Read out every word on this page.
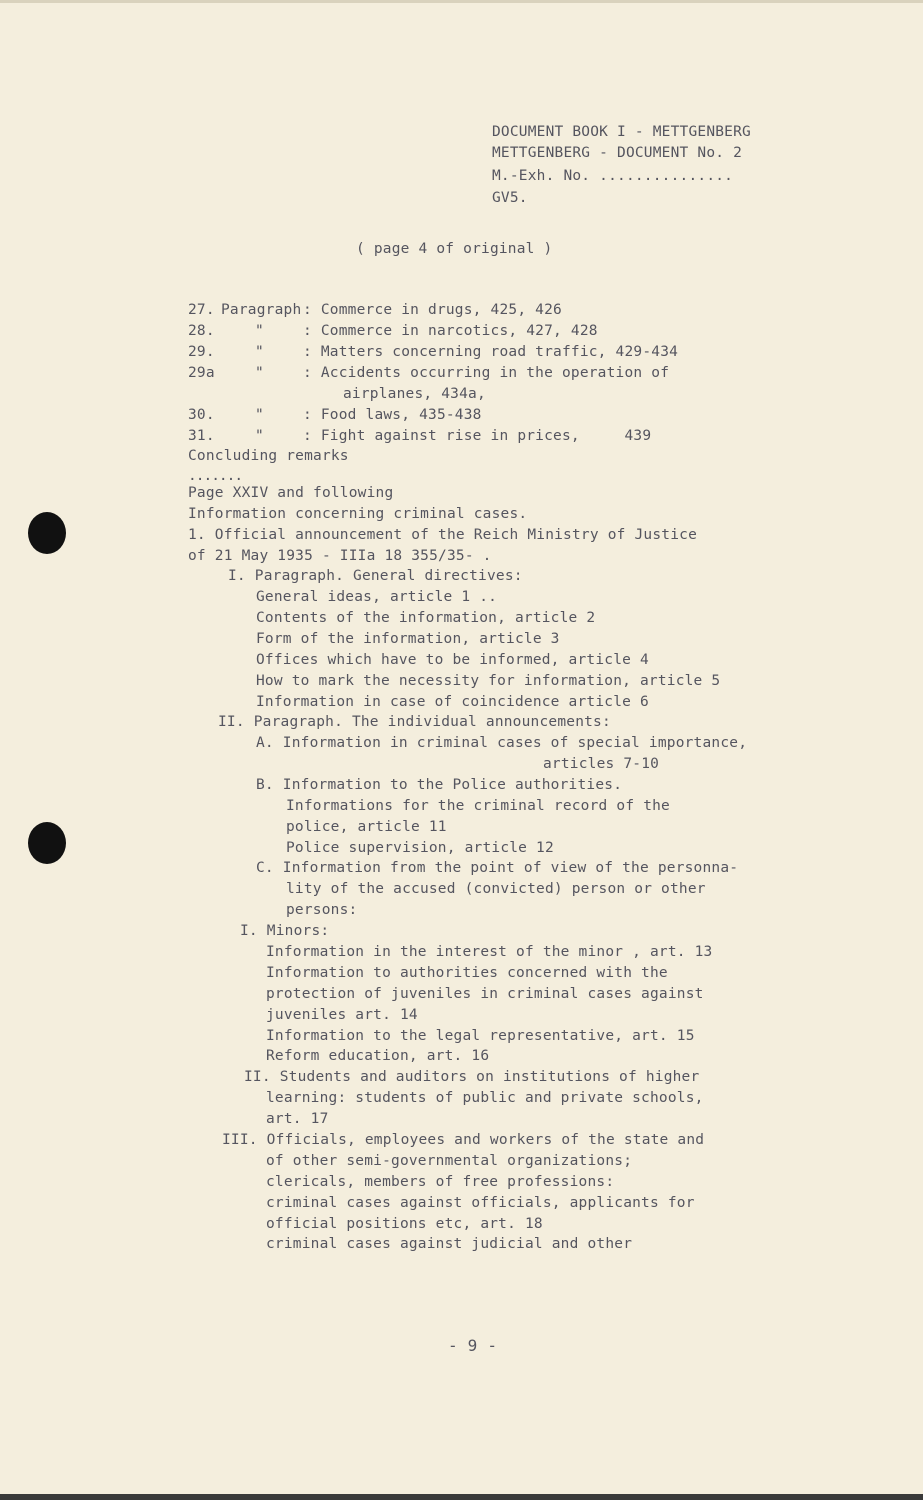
DOCUMENT BOOK I - METTGENBERG
METTGENBERG - DOCUMENT No. 2
M.-Exh. No. ...............
GV5.
( page 4 of original )
27. Paragraph : Commerce in drugs, 425, 426
28.	"	: Commerce in narcotics, 427, 428
29.	"	: Matters concerning road traffic, 429-434
29a	"	: Accidents occurring in the operation of
airplanes, 434a,
30.	"	: Food laws, 435-438
31.	"	: Fight against rise in prices,     439
Concluding remarks
.......
Page XXIV and following
Information concerning criminal cases.
1. Official announcement of the Reich Ministry of Justice
of 21 May 1935 - IIIa 18 355/35- .
I. Paragraph. General directives:
General ideas, article 1 ..
Contents of the information, article 2
Form of the information, article 3
Offices which have to be informed, article 4
How to mark the necessity for information, article 5
Information in case of coincidence article 6
II. Paragraph. The individual announcements:
A. Information in criminal cases of special importance,
articles 7-10
B. Information to the Police authorities.
Informations for the criminal record of the
police, article 11
Police supervision, article 12
C. Information from the point of view of the personna-
lity of the accused (convicted) person or other
persons:
I. Minors:
Information in the interest of the minor , art. 13
Information to authorities concerned with the
protection of juveniles in criminal cases against
juveniles art. 14
Information to the legal representative, art. 15
Reform education, art. 16
II. Students and auditors on institutions of higher
learning: students of public and private schools,
art. 17
III. Officials, employees and workers of the state and
of other semi-governmental organizations;
clericals, members of free professions:
criminal cases against officials, applicants for
official positions etc, art. 18
criminal cases against judicial and other
- 9 -
